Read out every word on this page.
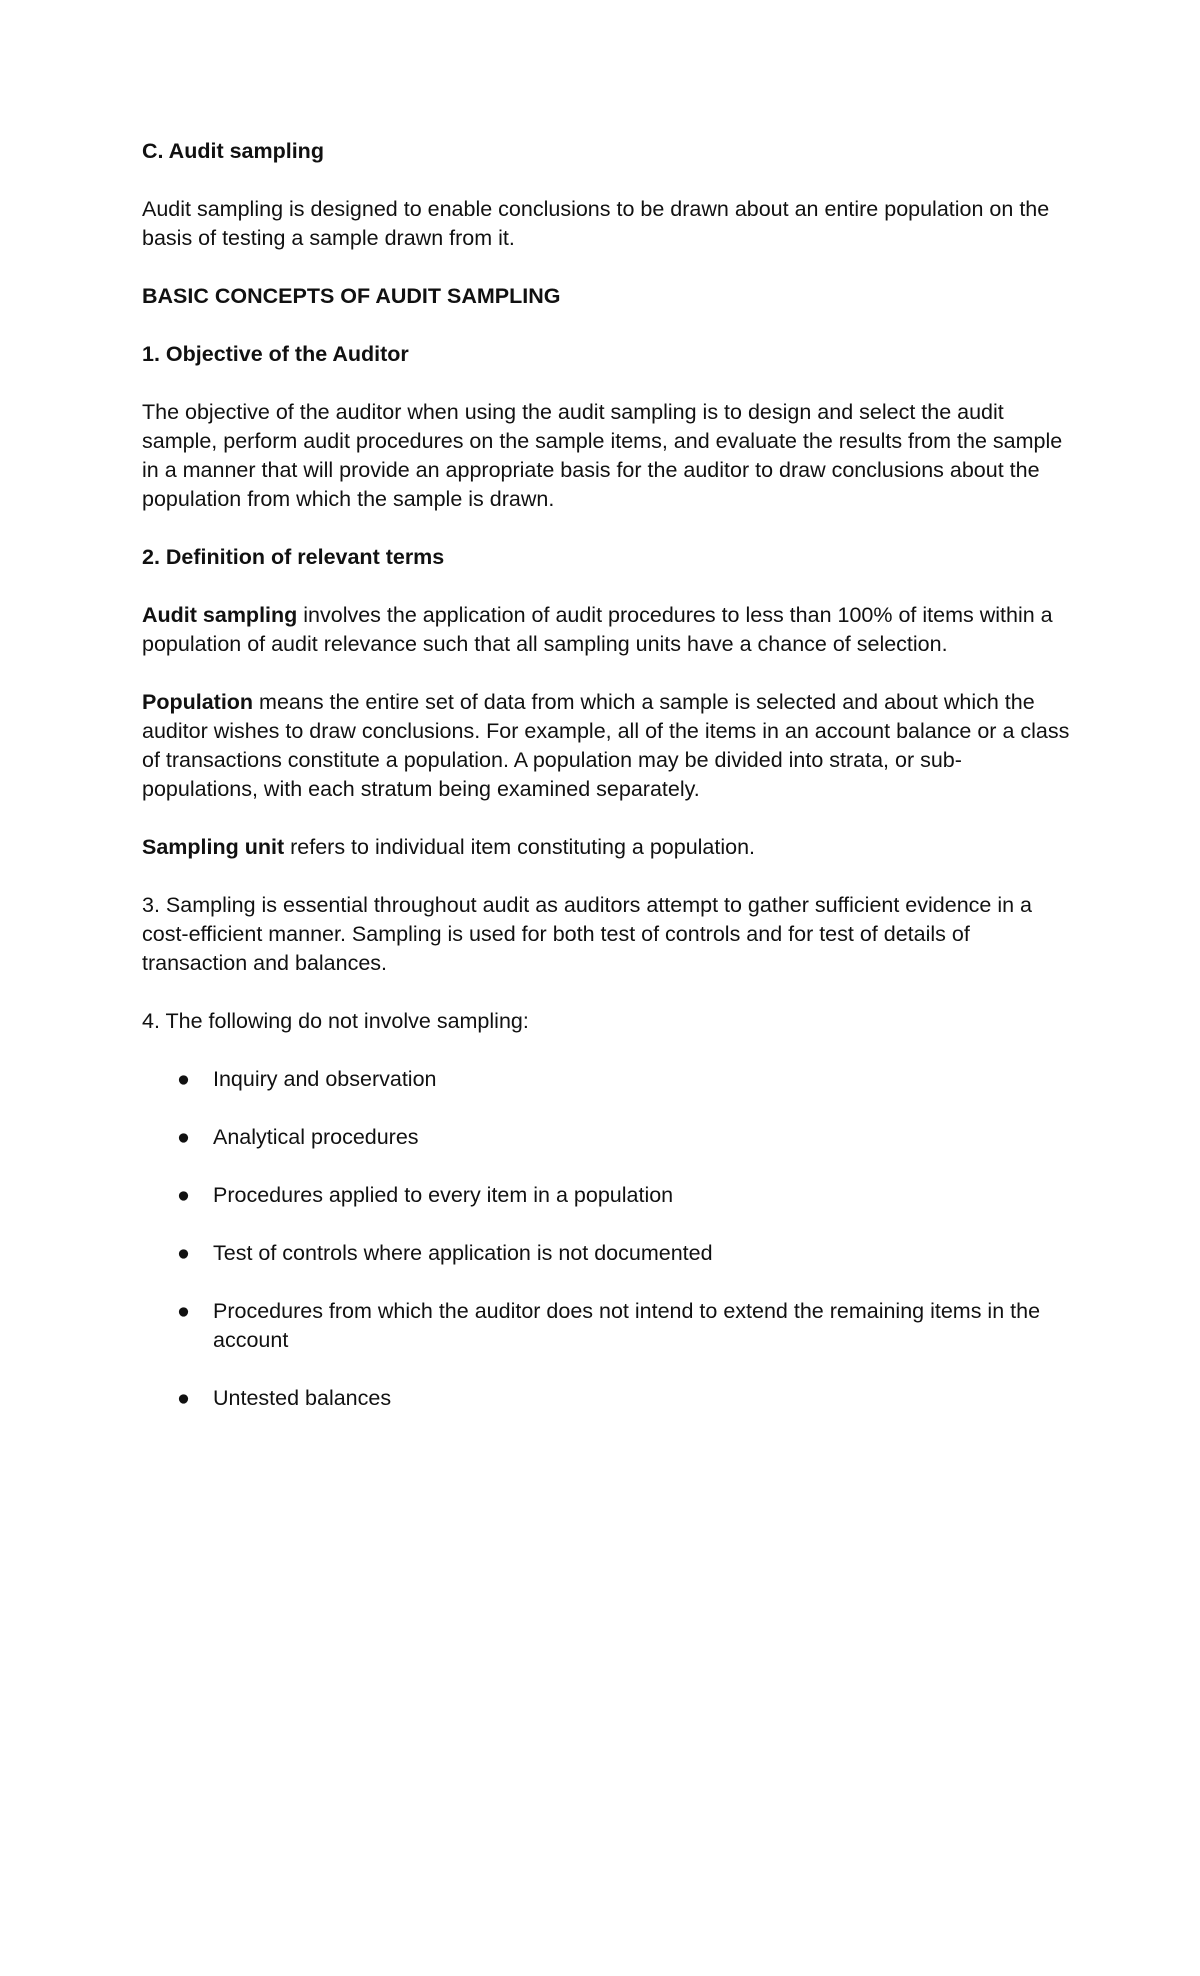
C. Audit sampling

Audit sampling is designed to enable conclusions to be drawn about an entire population on the basis of testing a sample drawn from it.

BASIC CONCEPTS OF AUDIT SAMPLING

1. Objective of the Auditor

The objective of the auditor when using the audit sampling is to design and select the audit sample, perform audit procedures on the sample items, and evaluate the results from the sample in a manner that will provide an appropriate basis for the auditor to draw conclusions about the population from which the sample is drawn.

2. Definition of relevant terms

Audit sampling involves the application of audit procedures to less than 100% of items within a population of audit relevance such that all sampling units have a chance of selection.

Population means the entire set of data from which a sample is selected and about which the auditor wishes to draw conclusions. For example, all of the items in an account balance or a class of transactions constitute a population. A population may be divided into strata, or sub-populations, with each stratum being examined separately.

Sampling unit refers to individual item constituting a population.

3. Sampling is essential throughout audit as auditors attempt to gather sufficient evidence in a cost-efficient manner. Sampling is used for both test of controls and for test of details of transaction and balances.

4. The following do not involve sampling:

● Inquiry and observation
● Analytical procedures
● Procedures applied to every item in a population
● Test of controls where application is not documented
● Procedures from which the auditor does not intend to extend the remaining items in the account
● Untested balances
